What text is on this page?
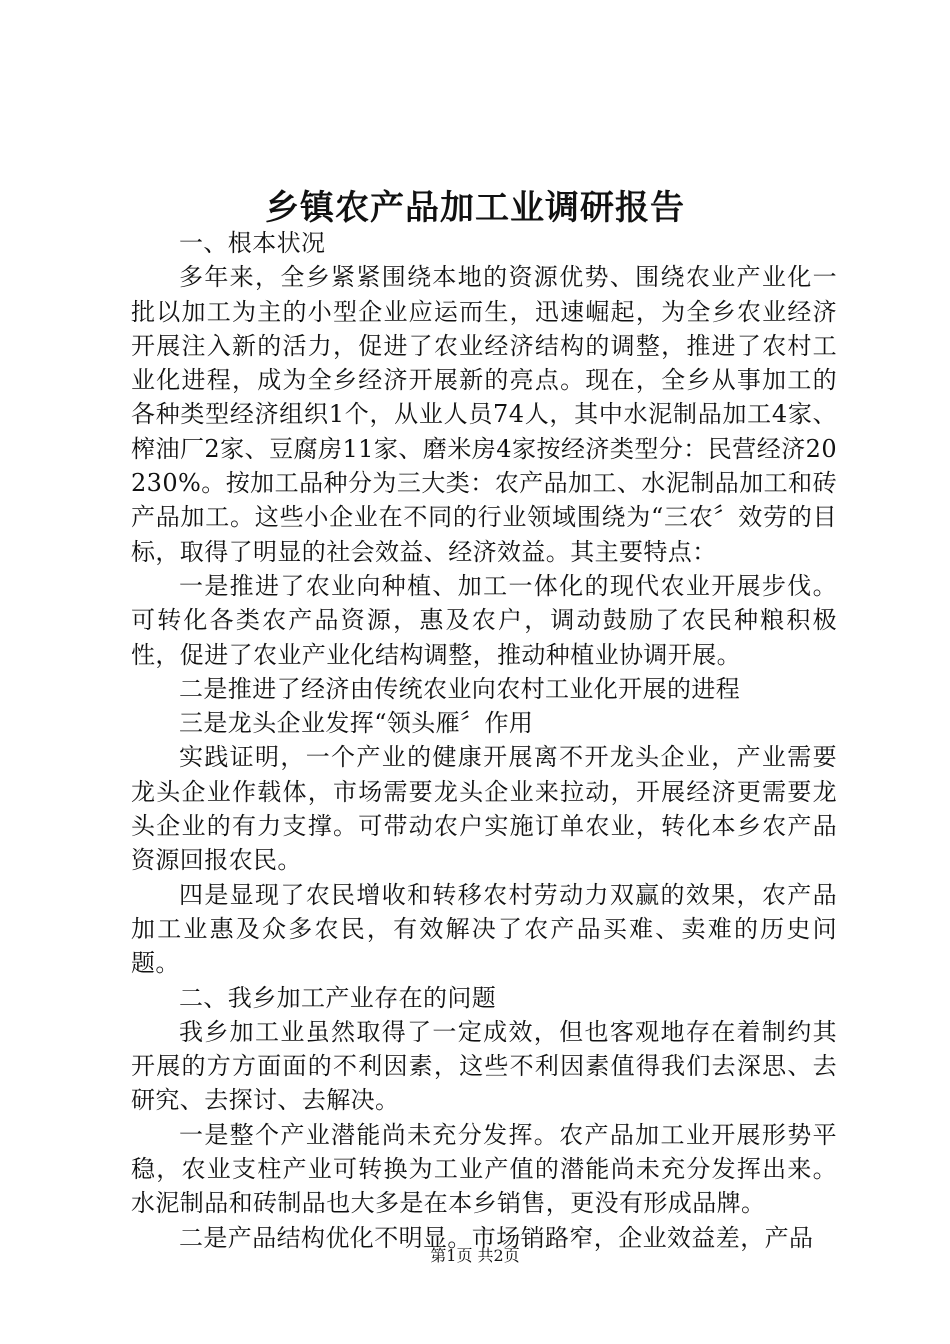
乡镇农产品加工业调研报告

一、根本状况

多年来，全乡紧紧围绕本地的资源优势、围绕农业产业化一批以加工为主的小型企业应运而生，迅速崛起，为全乡农业经济开展注入新的活力，促进了农业经济结构的调整，推进了农村工业化进程，成为全乡经济开展新的亮点。现在，全乡从事加工的各种类型经济组织1个，从业人员74人，其中水泥制品加工4家、榨油厂2家、豆腐房11家、磨米房4家按经济类型分：民营经济20230%。按加工品种分为三大类：农产品加工、水泥制品加工和砖产品加工。这些小企业在不同的行业领域围绕为“三农〞效劳的目标，取得了明显的社会效益、经济效益。其主要特点：

一是推进了农业向种植、加工一体化的现代农业开展步伐。可转化各类农产品资源，惠及农户，调动鼓励了农民种粮积极性，促进了农业产业化结构调整，推动种植业协调开展。

二是推进了经济由传统农业向农村工业化开展的进程

三是龙头企业发挥“领头雁〞作用

实践证明，一个产业的健康开展离不开龙头企业，产业需要龙头企业作载体，市场需要龙头企业来拉动，开展经济更需要龙头企业的有力支撑。可带动农户实施订单农业，转化本乡农产品资源回报农民。

四是显现了农民增收和转移农村劳动力双赢的效果，农产品加工业惠及众多农民，有效解决了农产品买难、卖难的历史问题。

二、我乡加工产业存在的问题

我乡加工业虽然取得了一定成效，但也客观地存在着制约其开展的方方面面的不利因素，这些不利因素值得我们去深思、去研究、去探讨、去解决。

一是整个产业潜能尚未充分发挥。农产品加工业开展形势平稳，农业支柱产业可转换为工业产值的潜能尚未充分发挥出来。水泥制品和砖制品也大多是在本乡销售，更没有形成品牌。

二是产品结构优化不明显。市场销路窄，企业效益差，产品

第1页 共2页
